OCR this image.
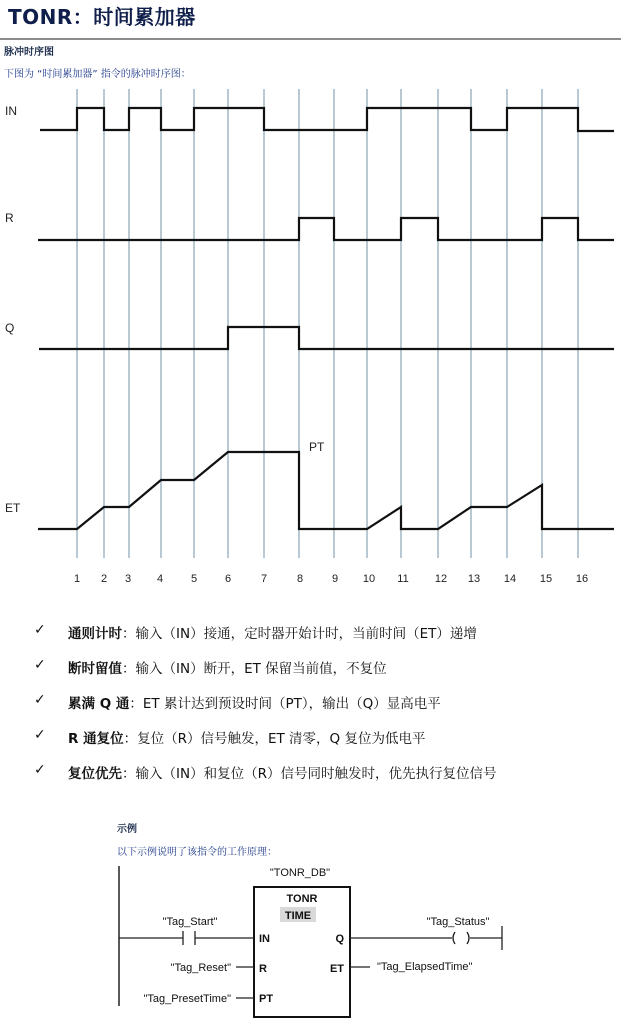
TONR：时间累加器
脉冲时序图
下图为 “时间累加器” 指令的脉冲时序图：
IN
R
Q
ET
PT
1 2 3 4	5	6	7	8	9 10 11 12 13 14 15 16
✓	通则计时 ：输入（IN）接通，定时器开始计时，当前时间（ET）递增
✓	断时留值 ：输入（IN）断开，ET 保留当前值，不复位
✓	累满 Q 通 ：ET 累计达到预设时间（PT），输出（Q）显高电平
✓	R 通复位 ：复位（R）信号触发，ET 清零，Q 复位为低电平
✓	复位优先 ：输入（IN）和复位（R）信号同时触发时，优先执行复位信号
示例
以下示例说明了该指令的工作原理：
"TONR_DB"
TONR
TIME
IN
R
PT
Q
ET
"Tag_Start"
"Tag_Reset"
"Tag_PresetTime"
"Tag_Status"
"Tag_ElapsedTime"
